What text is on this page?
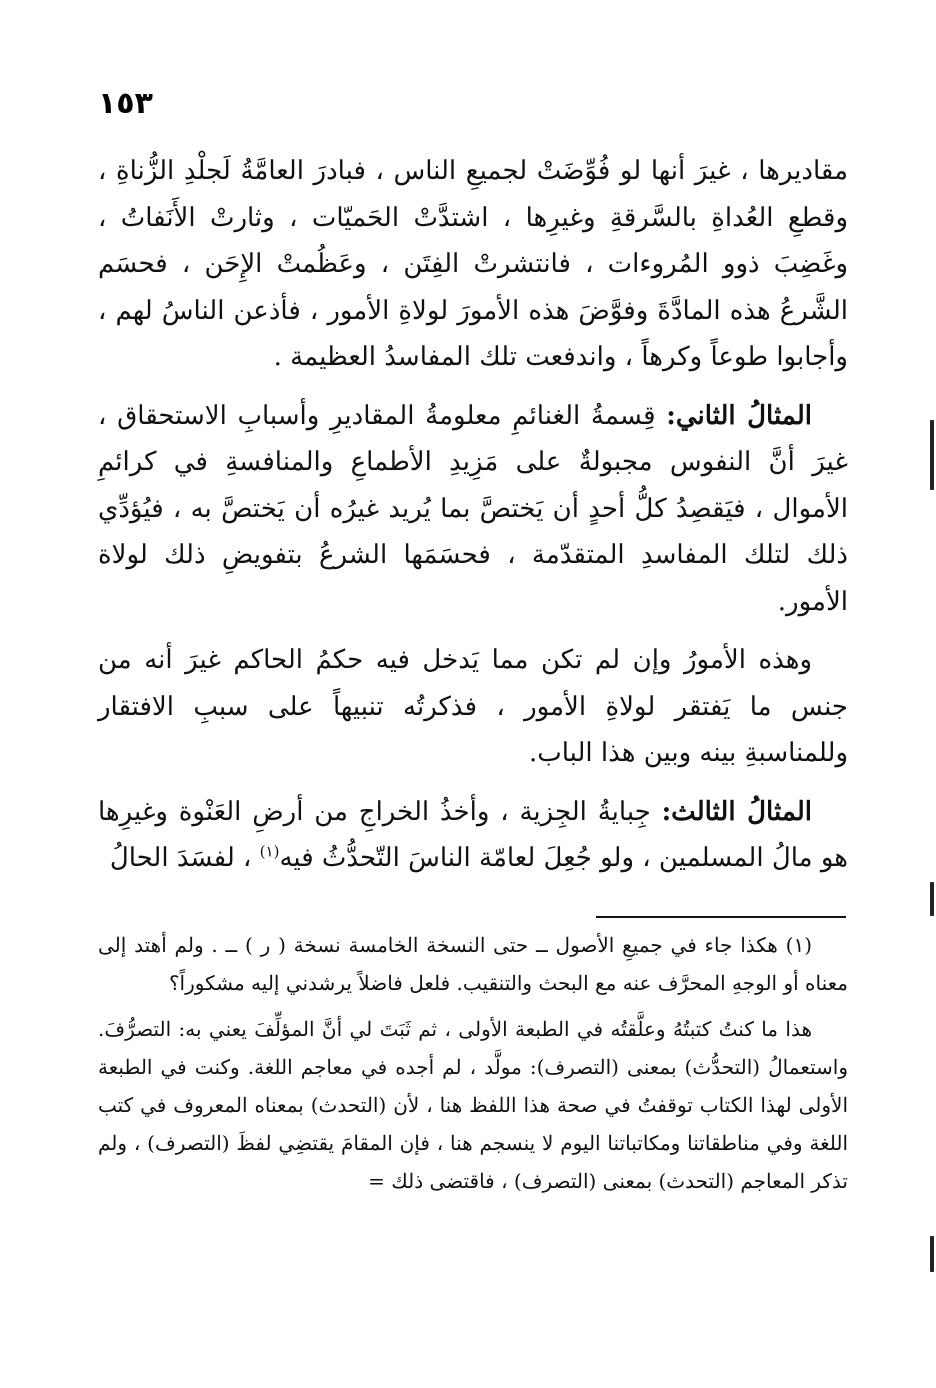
١٥٣

مقاديرها ، غيرَ أنها لو فُوِّضَتْ لجميعِ الناس ، فبادرَ العامَّةُ لَجلْدِ الزُّناةِ ، وقطعِ العُداةِ بالسَّرقةِ وغيرِها ، اشتدَّتْ الحَميّات ، وثارتْ الأَنَفاتُ ، وغَضِبَ ذوو المُروءات ، فانتشرتْ الفِتَن ، وعَظُمتْ الإِحَن ، فحسَم الشَّرعُ هذه المادَّةَ وفوَّضَ هذه الأمورَ لولاةِ الأمور ، فأذعن الناسُ لهم ، وأجابوا طوعاً وكرهاً ، واندفعت تلك المفاسدُ العظيمة .

المثالُ الثاني: قِسمةُ الغنائمِ معلومةُ المقاديرِ وأسبابِ الاستحقاق ، غيرَ أنَّ النفوس مجبولةٌ على مَزِيدِ الأطماعِ والمنافسةِ في كرائمِ الأموال ، فيَقصِدُ كلُّ أحدٍ أن يَختصَّ بما يُريد غيرُه أن يَختصَّ به ، فيُؤدِّي ذلك لتلك المفاسدِ المتقدّمة ، فحسَمَها الشرعُ بتفويضِ ذلك لولاة الأمور.

وهذه الأمورُ وإن لم تكن مما يَدخل فيه حكمُ الحاكم غيرَ أنه من جنس ما يَفتقر لولاةِ الأمور ، فذكرتُه تنبيهاً على سببِ الافتقار وللمناسبةِ بينه وبين هذا الباب.

المثالُ الثالث: جِبايةُ الجِزية ، وأخذُ الخراجِ من أرضِ العَنْوة وغيرِها هو مالُ المسلمين ، ولو جُعِلَ لعامّة الناسَ التّحدُّثُ فيه$^{(١)}$ ، لفسَدَ الحالُ

(١) هكذا جاء في جميعِ الأصول ــ حتى النسخة الخامسة نسخة ( ر ) ــ . ولم أهتد إلى معناه أو الوجهِ المحرَّف عنه مع البحث والتنقيب. فلعل فاضلاً يرشدني إليه مشكوراً؟

هذا ما كنتُ كتبتُهُ وعلَّقتُه في الطبعة الأولى ، ثم ثَبَتَ لي أنَّ المؤلِّفَ يعني به: التصرُّفَ. واستعمالُ (التحدُّث) بمعنى (التصرف): مولَّد ، لم أجده في معاجم اللغة. وكنت في الطبعة الأولى لهذا الكتاب توقفتُ في صحة هذا اللفظ هنا ، لأن (التحدث) بمعناه المعروف في كتب اللغة وفي مناطقاتنا ومكاتباتنا اليوم لا ينسجم هنا ، فإن المقامَ يقتضِي لفظَ (التصرف) ، ولم تذكر المعاجم (التحدث) بمعنى (التصرف) ، فاقتضى ذلك =
